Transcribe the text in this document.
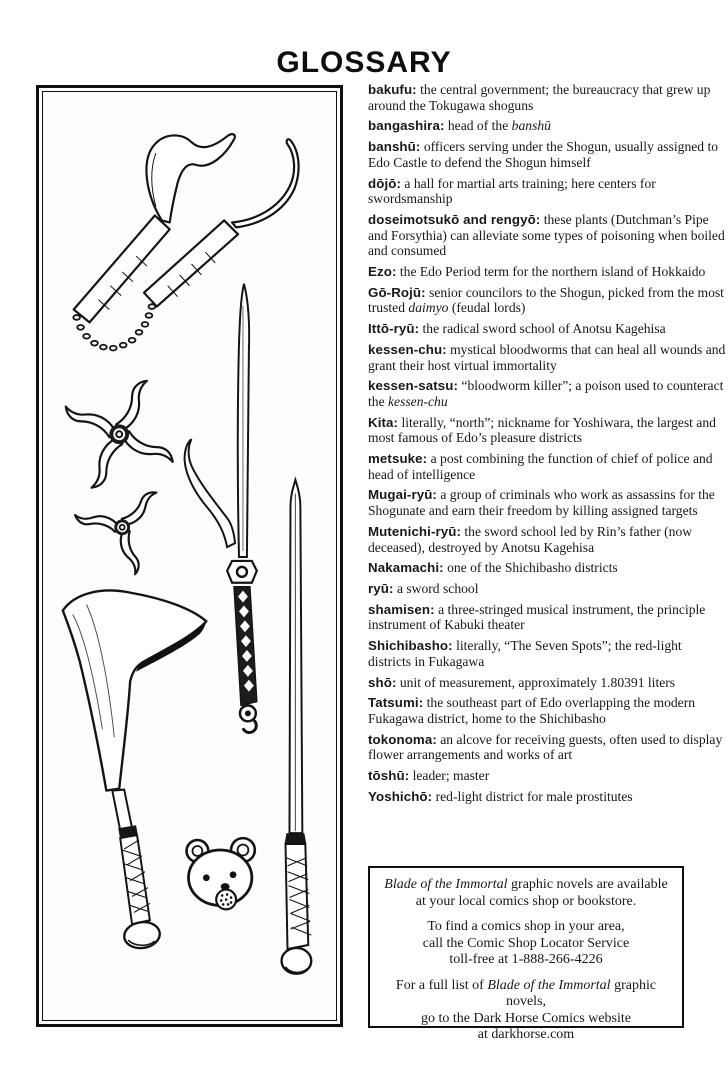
GLOSSARY
bakufu: the central government; the bureaucracy that grew up around the Tokugawa shoguns
bangashira: head of the banshū
banshū: officers serving under the Shogun, usually assigned to Edo Castle to defend the Shogun himself
dōjō: a hall for martial arts training; here centers for swordsmanship
doseimotsukō and rengyō: these plants (Dutchman’s Pipe and Forsythia) can alleviate some types of poisoning when boiled and consumed
Ezo: the Edo Period term for the northern island of Hokkaido
Gō-Rojū: senior councilors to the Shogun, picked from the most trusted daimyo (feudal lords)
Ittō-ryū: the radical sword school of Anotsu Kagehisa
kessen-chu: mystical bloodworms that can heal all wounds and grant their host virtual immortality
kessen-satsu: “bloodworm killer”; a poison used to counteract the kessen-chu
Kita: literally, “north”; nickname for Yoshiwara, the largest and most famous of Edo’s pleasure districts
metsuke: a post combining the function of chief of police and head of intelligence
Mugai-ryū: a group of criminals who work as assassins for the Shogunate and earn their freedom by killing assigned targets
Mutenichi-ryū: the sword school led by Rin’s father (now deceased), destroyed by Anotsu Kagehisa
Nakamachi: one of the Shichibasho districts
ryū: a sword school
shamisen: a three-stringed musical instrument, the principle instrument of Kabuki theater
Shichibasho: literally, “The Seven Spots”; the red-light districts in Fukagawa
shō: unit of measurement, approximately 1.80391 liters
Tatsumi: the southeast part of Edo overlapping the modern Fukagawa district, home to the Shichibasho
tokonoma: an alcove for receiving guests, often used to display flower arrangements and works of art
tōshū: leader; master
Yoshichō: red-light district for male prostitutes

Blade of the Immortal graphic novels are available
at your local comics shop or bookstore.

To find a comics shop in your area,
call the Comic Shop Locator Service
toll-free at 1-888-266-4226

For a full list of Blade of the Immortal graphic novels,
go to the Dark Horse Comics website
at darkhorse.com
